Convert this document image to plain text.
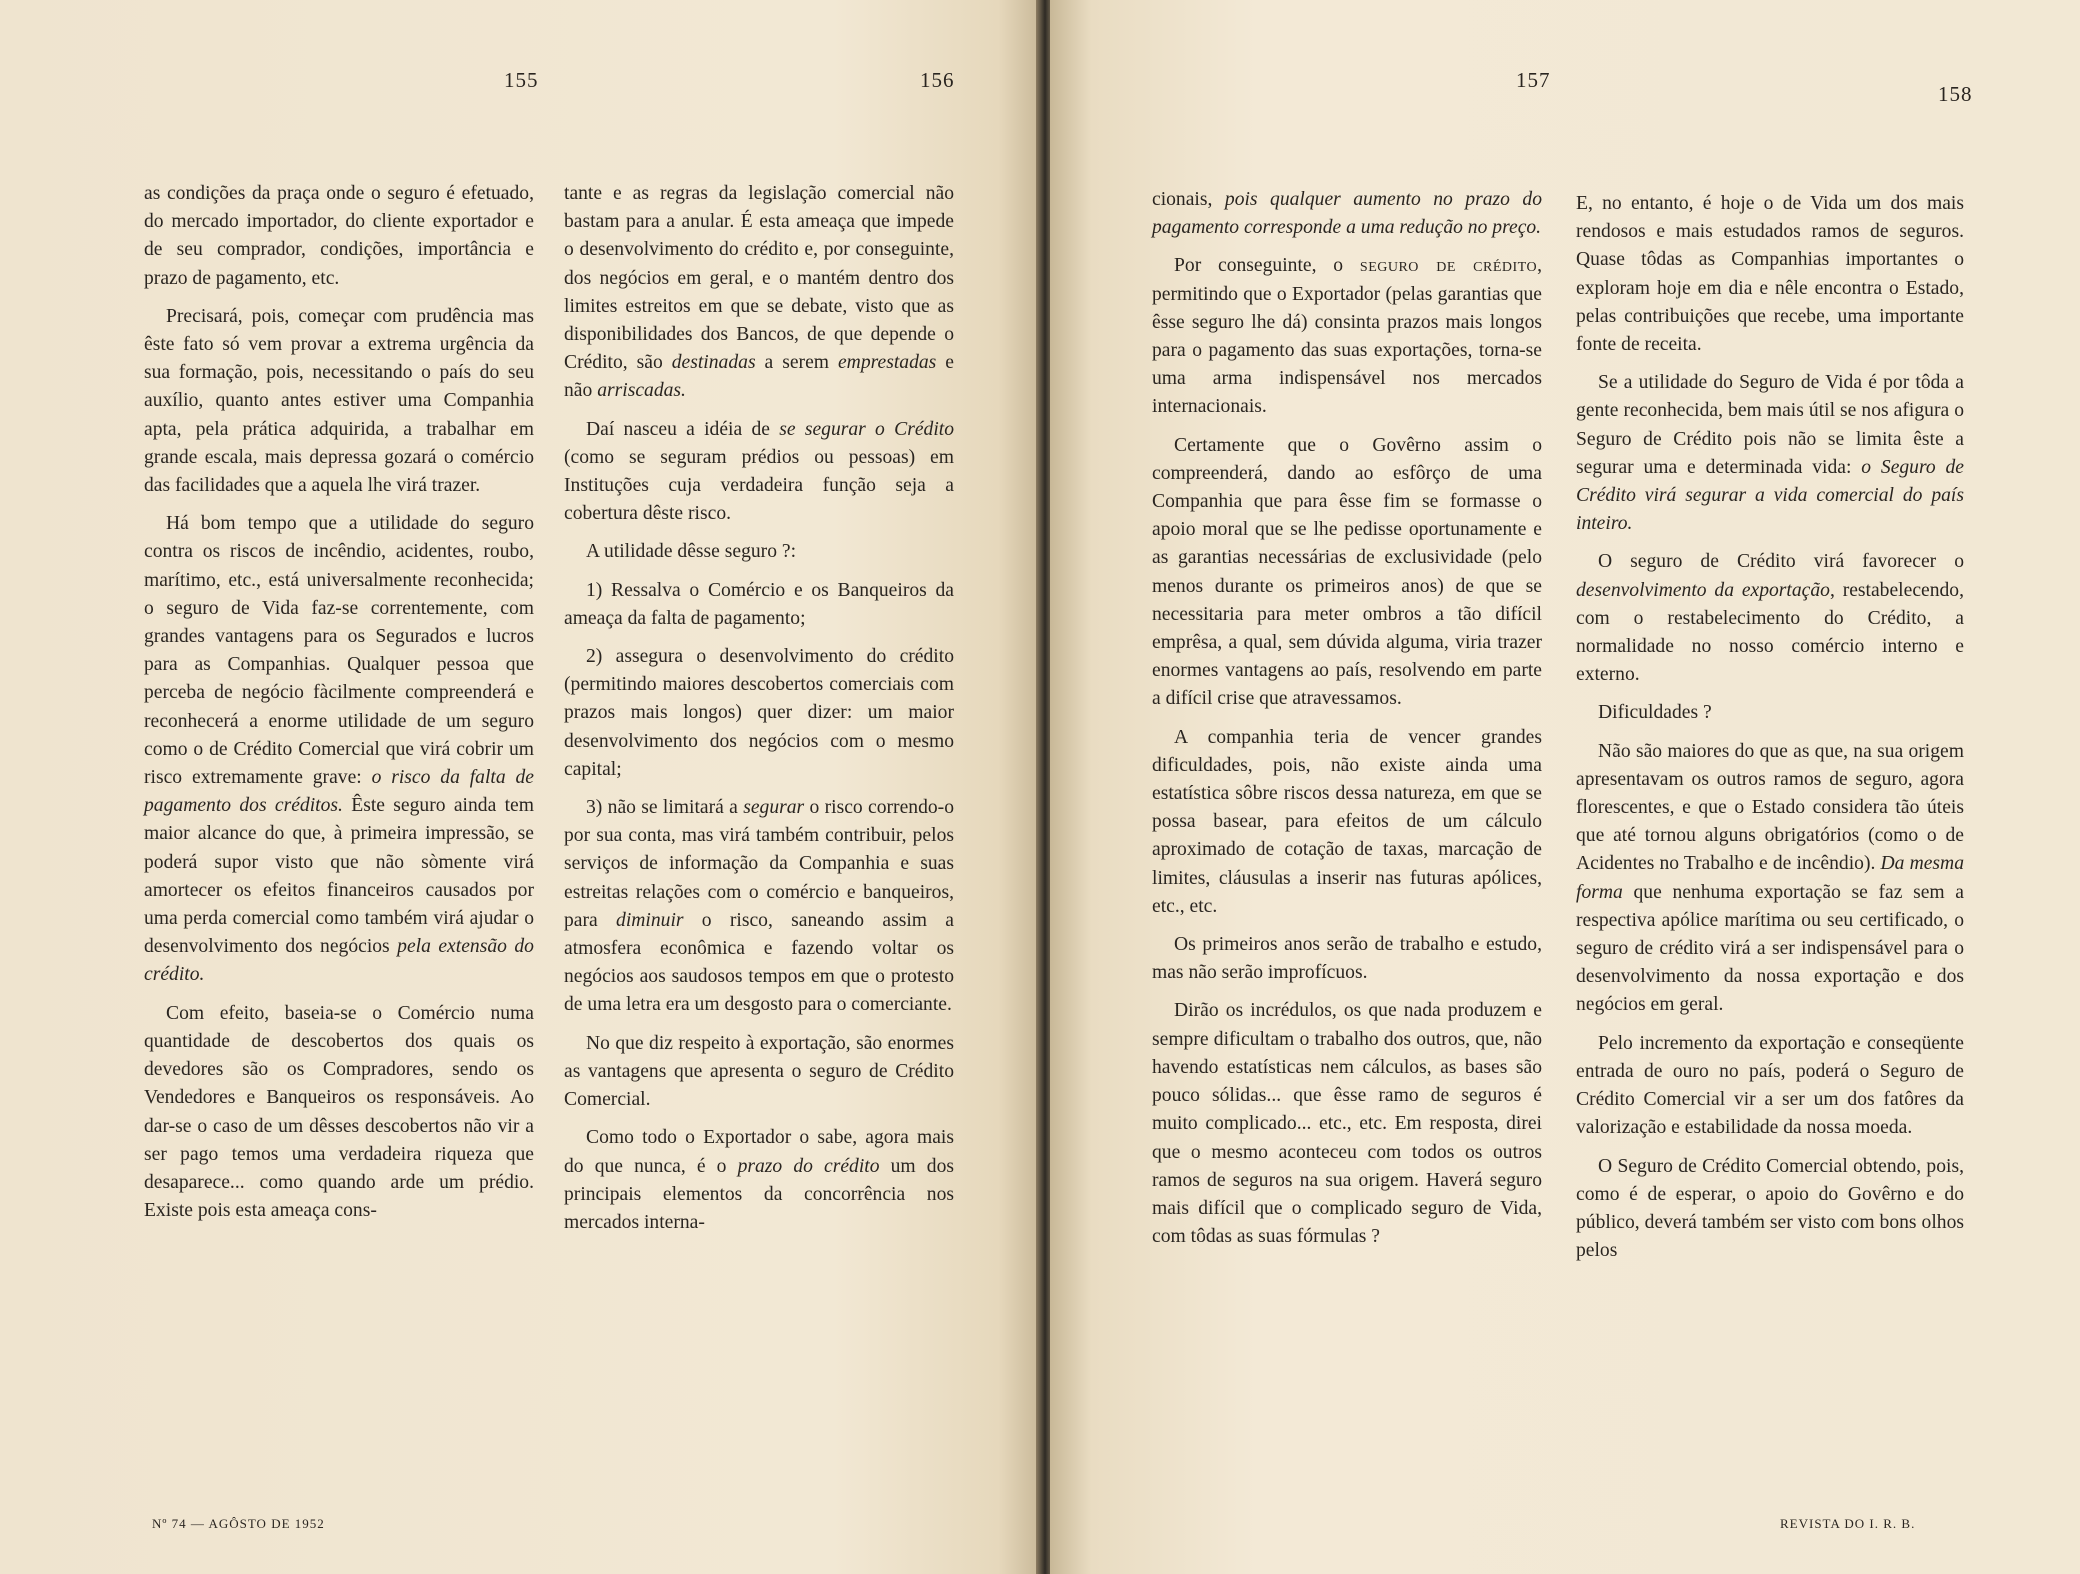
155	156

as condições da praça onde o seguro é efetuado, do mercado importador, do cliente exportador e de seu comprador, condições, importância e prazo de pagamento, etc.

Precisará, pois, começar com prudência mas êste fato só vem provar a extrema urgência da sua formação, pois, necessitando o país do seu auxílio, quanto antes estiver uma Companhia apta, pela prática adquirida, a trabalhar em grande escala, mais depressa gozará o comércio das facilidades que a aquela lhe virá trazer.

Há bom tempo que a utilidade do seguro contra os riscos de incêndio, acidentes, roubo, marítimo, etc., está universalmente reconhecida; o seguro de Vida faz-se correntemente, com grandes vantagens para os Segurados e lucros para as Companhias. Qualquer pessoa que perceba de negócio fàcilmente compreenderá e reconhecerá a enorme utilidade de um seguro como o de Crédito Comercial que virá cobrir um risco extremamente grave: o risco da falta de pagamento dos créditos. Êste seguro ainda tem maior alcance do que, à primeira impressão, se poderá supor visto que não sòmente virá amortecer os efeitos financeiros causados por uma perda comercial como também virá ajudar o desenvolvimento dos negócios pela extensão do crédito.

Com efeito, baseia-se o Comércio numa quantidade de descobertos dos quais os devedores são os Compradores, sendo os Vendedores e Banqueiros os responsáveis. Ao dar-se o caso de um dêsses descobertos não vir a ser pago temos uma verdadeira riqueza que desaparece... como quando arde um prédio. Existe pois esta ameaça cons-

tante e as regras da legislação comercial não bastam para a anular. É esta ameaça que impede o desenvolvimento do crédito e, por conseguinte, dos negócios em geral, e o mantém dentro dos limites estreitos em que se debate, visto que as disponibilidades dos Bancos, de que depende o Crédito, são destinadas a serem emprestadas e não arriscadas.

Daí nasceu a idéia de se segurar o Crédito (como se seguram prédios ou pessoas) em Instituções cuja verdadeira função seja a cobertura dêste risco.

A utilidade dêsse seguro ?:

1) Ressalva o Comércio e os Banqueiros da ameaça da falta de pagamento;

2) assegura o desenvolvimento do crédito (permitindo maiores descobertos comerciais com prazos mais longos) quer dizer: um maior desenvolvimento dos negócios com o mesmo capital;

3) não se limitará a segurar o risco correndo-o por sua conta, mas virá também contribuir, pelos serviços de informação da Companhia e suas estreitas relações com o comércio e banqueiros, para diminuir o risco, saneando assim a atmosfera econômica e fazendo voltar os negócios aos saudosos tempos em que o protesto de uma letra era um desgosto para o comerciante.

No que diz respeito à exportação, são enormes as vantagens que apresenta o seguro de Crédito Comercial.

Como todo o Exportador o sabe, agora mais do que nunca, é o prazo do crédito um dos principais elementos da concorrência nos mercados interna-

Nº 74 — AGÔSTO DE 1952
157
158

cionais, pois qualquer aumento no prazo do pagamento corresponde a uma redução no preço.

Por conseguinte, o seguro de crédito, permitindo que o Exportador (pelas garantias que êsse seguro lhe dá) consinta prazos mais longos para o pagamento das suas exportações, torna-se uma arma indispensável nos mercados internacionais.

Certamente que o Govêrno assim o compreenderá, dando ao esfôrço de uma Companhia que para êsse fim se formasse o apoio moral que se lhe pedisse oportunamente e as garantias necessárias de exclusividade (pelo menos durante os primeiros anos) de que se necessitaria para meter ombros a tão difícil emprêsa, a qual, sem dúvida alguma, viria trazer enormes vantagens ao país, resolvendo em parte a difícil crise que atravessamos.

A companhia teria de vencer grandes dificuldades, pois, não existe ainda uma estatística sôbre riscos dessa natureza, em que se possa basear, para efeitos de um cálculo aproximado de cotação de taxas, marcação de limites, cláusulas a inserir nas futuras apólices, etc., etc.

Os primeiros anos serão de trabalho e estudo, mas não serão improfícuos.

Dirão os incrédulos, os que nada produzem e sempre dificultam o trabalho dos outros, que, não havendo estatísticas nem cálculos, as bases são pouco sólidas... que êsse ramo de seguros é muito complicado... etc., etc. Em resposta, direi que o mesmo aconteceu com todos os outros ramos de seguros na sua origem. Haverá seguro mais difícil que o complicado seguro de Vida, com tôdas as suas fórmulas ?

E, no entanto, é hoje o de Vida um dos mais rendosos e mais estudados ramos de seguros. Quase tôdas as Companhias importantes o exploram hoje em dia e nêle encontra o Estado, pelas contribuições que recebe, uma importante fonte de receita.

Se a utilidade do Seguro de Vida é por tôda a gente reconhecida, bem mais útil se nos afigura o Seguro de Crédito pois não se limita êste a segurar uma e determinada vida: o Seguro de Crédito virá segurar a vida comercial do país inteiro.

O seguro de Crédito virá favorecer o desenvolvimento da exportação, restabelecendo, com o restabelecimento do Crédito, a normalidade no nosso comércio interno e externo.

Dificuldades ?

Não são maiores do que as que, na sua origem apresentavam os outros ramos de seguro, agora florescentes, e que o Estado considera tão úteis que até tornou alguns obrigatórios (como o de Acidentes no Trabalho e de incêndio). Da mesma forma que nenhuma exportação se faz sem a respectiva apólice marítima ou seu certificado, o seguro de crédito virá a ser indispensável para o desenvolvimento da nossa exportação e dos negócios em geral.

Pelo incremento da exportação e conseqüente entrada de ouro no país, poderá o Seguro de Crédito Comercial vir a ser um dos fatôres da valorização e estabilidade da nossa moeda.

O Seguro de Crédito Comercial obtendo, pois, como é de esperar, o apoio do Govêrno e do público, deverá também ser visto com bons olhos pelos

REVISTA DO I. R. B.
